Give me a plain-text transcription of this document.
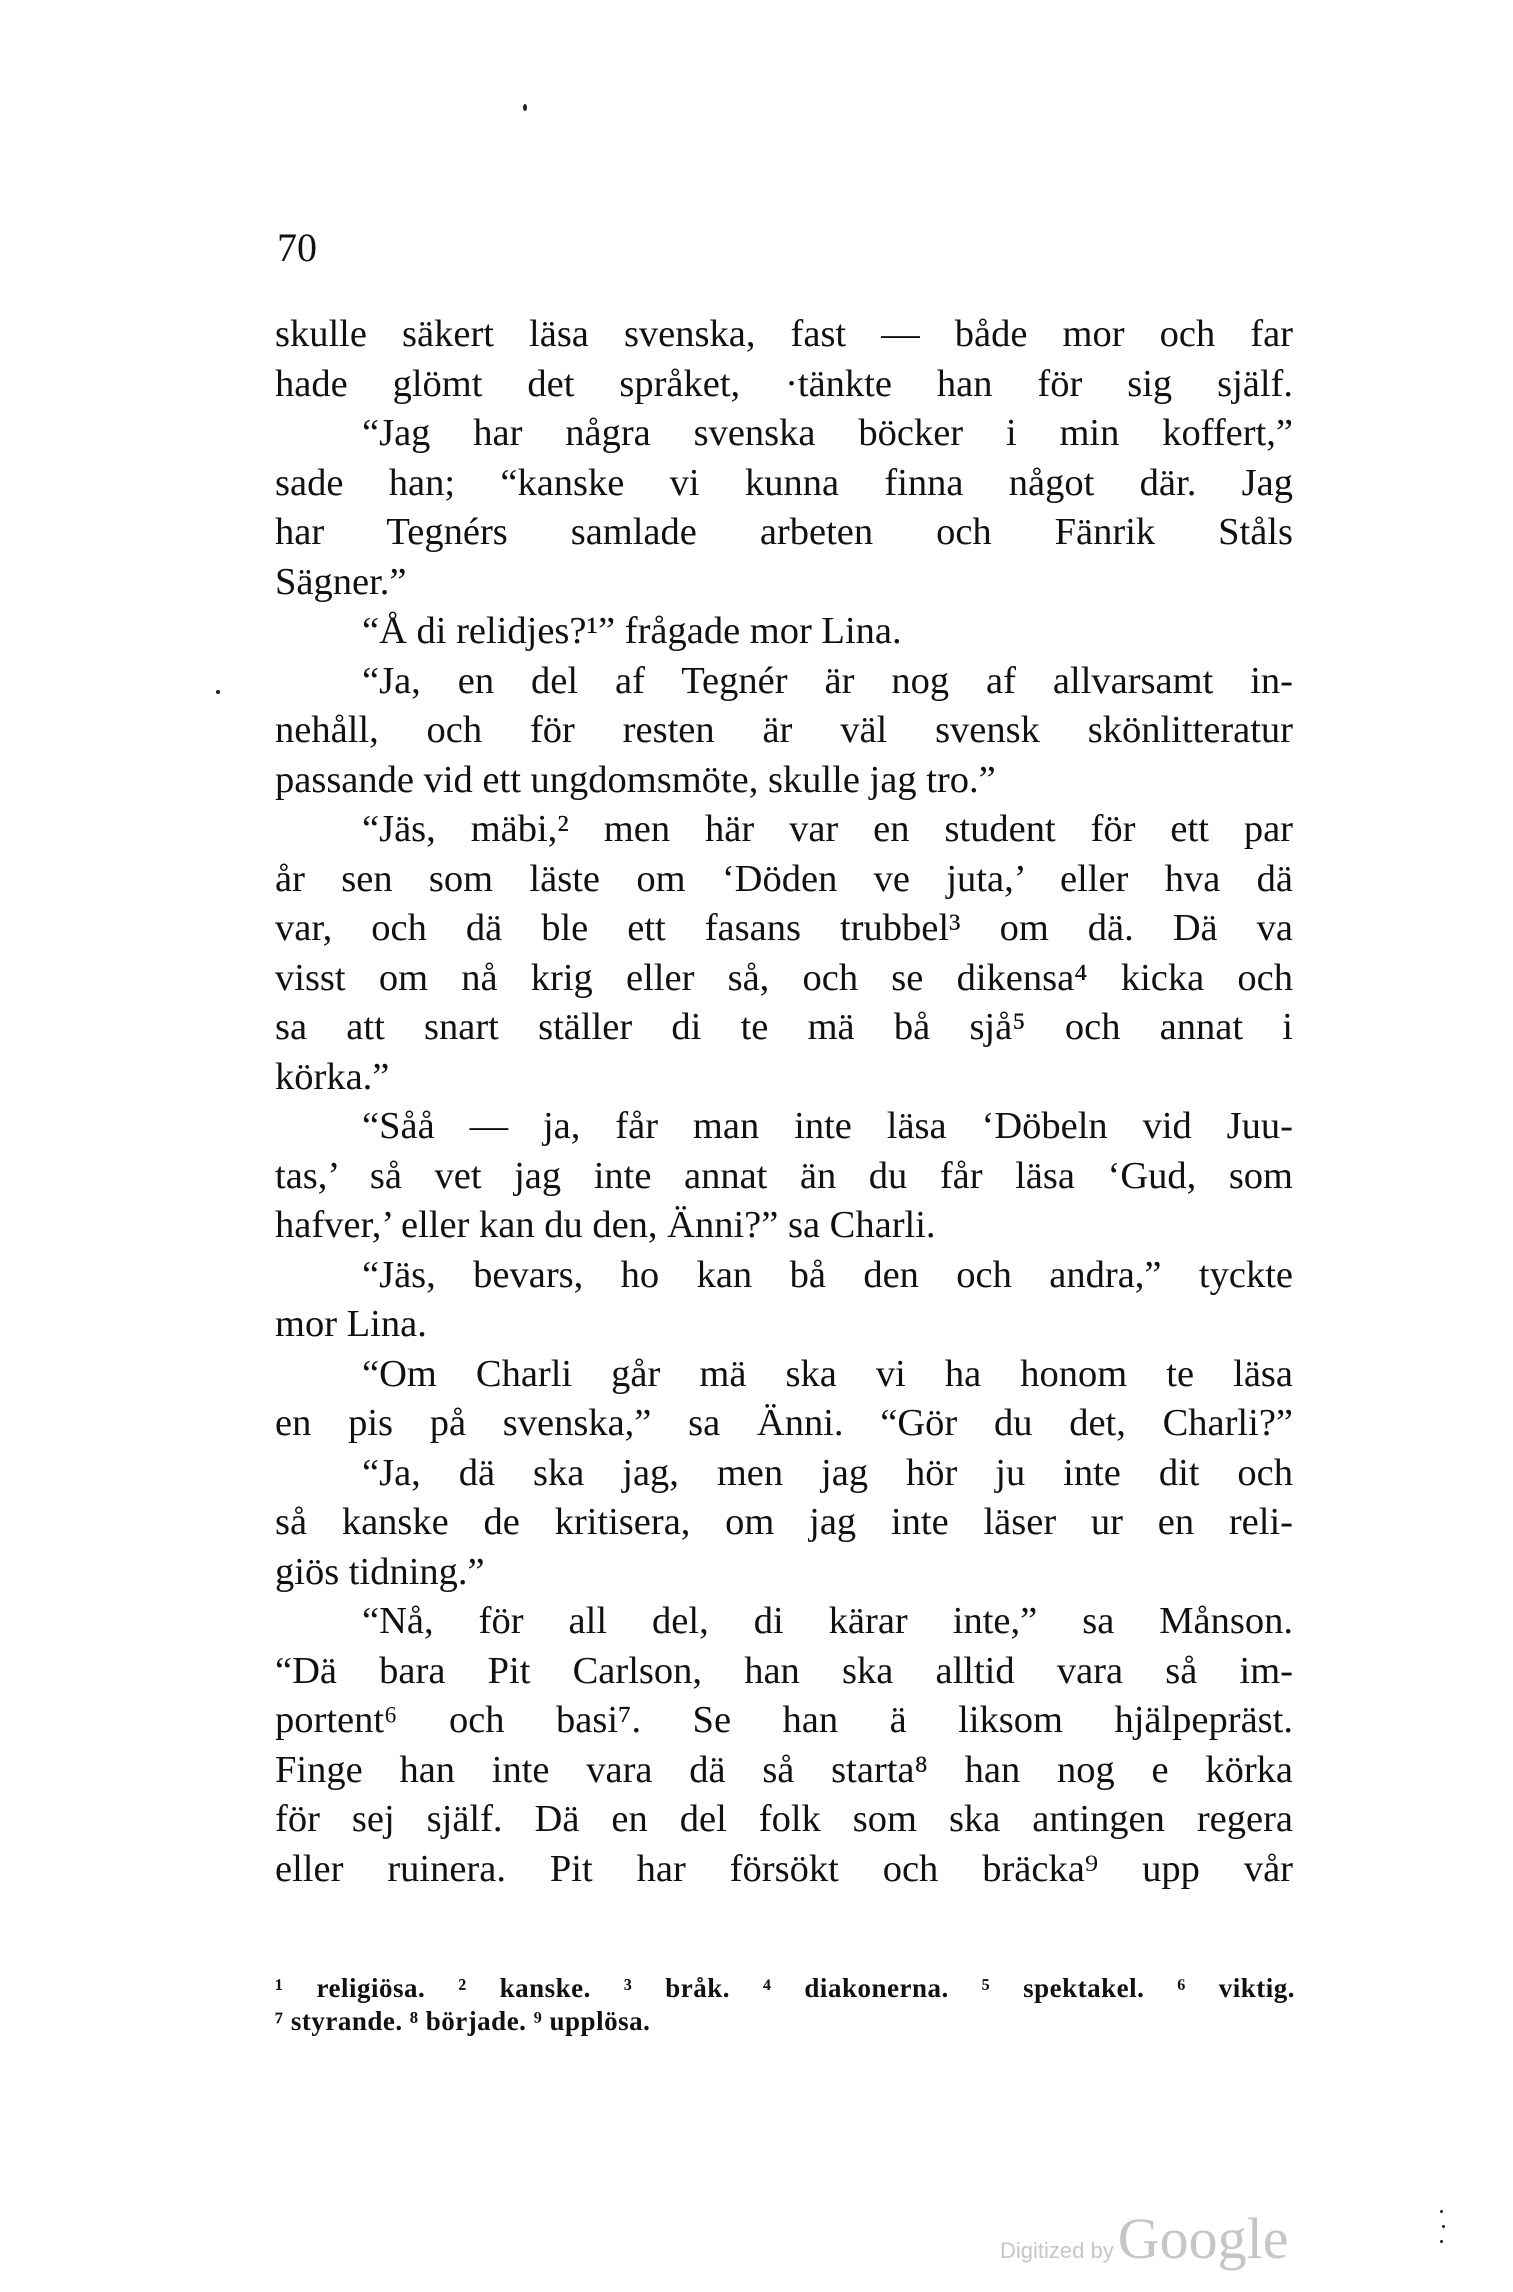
70
skulle säkert läsa svenska, fast — både mor och far
hade glömt det språket, ·tänkte han för sig själf.
“Jag har några svenska böcker i min koffert,”
sade han; “kanske vi kunna finna något där. Jag
har Tegnérs samlade arbeten och Fänrik Ståls
Sägner.”
“Å di relidjes?¹” frågade mor Lina.
“Ja, en del af Tegnér är nog af allvarsamt in-
nehåll, och för resten är väl svensk skönlitteratur
passande vid ett ungdomsmöte, skulle jag tro.”
“Jäs, mäbi,² men här var en student för ett par
år sen som läste om ‘Döden ve juta,’ eller hva dä
var, och dä ble ett fasans trubbel³ om dä. Dä va
visst om nå krig eller så, och se dikensa⁴ kicka och
sa att snart ställer di te mä bå sjå⁵ och annat i
körka.”
“Såå — ja, får man inte läsa ‘Döbeln vid Juu-
tas,’ så vet jag inte annat än du får läsa ‘Gud, som
hafver,’ eller kan du den, Änni?” sa Charli.
“Jäs, bevars, ho kan bå den och andra,” tyckte
mor Lina.
“Om Charli går mä ska vi ha honom te läsa
en pis på svenska,” sa Änni. “Gör du det, Charli?”
“Ja, dä ska jag, men jag hör ju inte dit och
så kanske de kritisera, om jag inte läser ur en reli-
giös tidning.”
“Nå, för all del, di kärar inte,” sa Månson.
“Dä bara Pit Carlson, han ska alltid vara så im-
portent⁶ och basi⁷. Se han ä liksom hjälpepräst.
Finge han inte vara dä så starta⁸ han nog e körka
för sej själf. Dä en del folk som ska antingen regera
eller ruinera. Pit har försökt och bräcka⁹ upp vår
¹ religiösa. ² kanske. ³ bråk. ⁴ diakonerna. ⁵ spektakel. ⁶ viktig.
⁷ styrande. ⁸ började. ⁹ upplösa.
Digitized by Google
